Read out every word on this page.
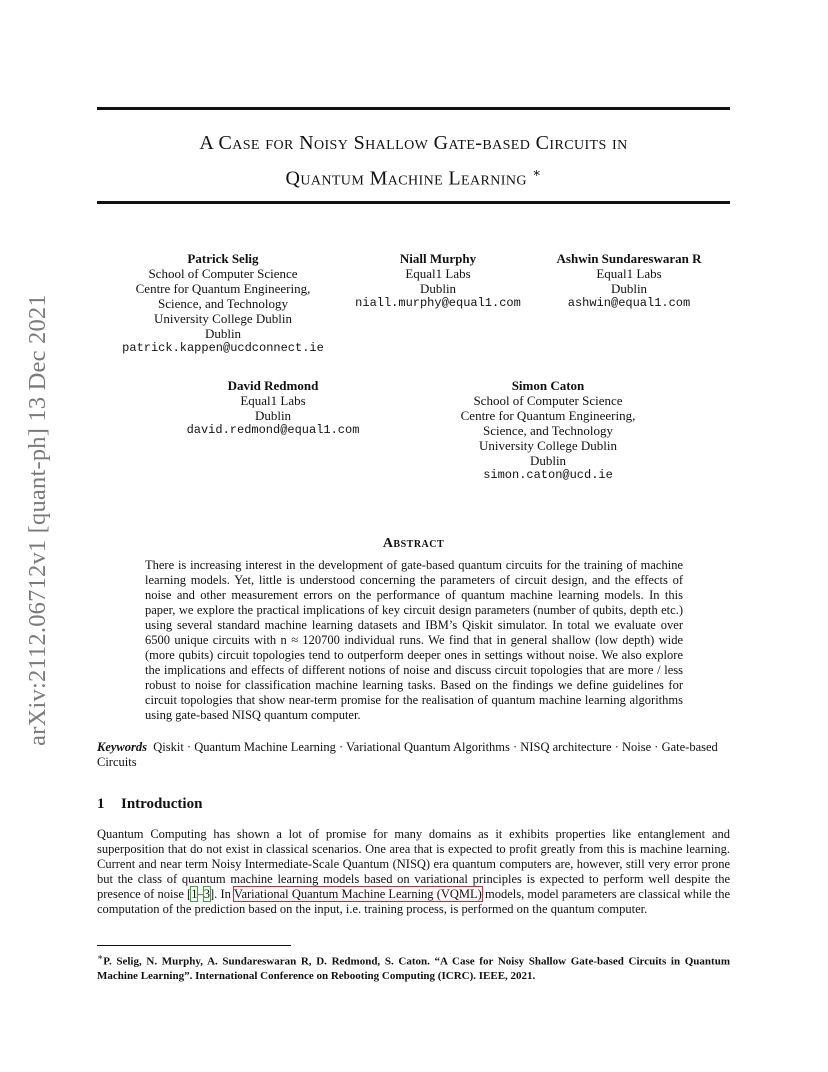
arXiv:2112.06712v1 [quant-ph] 13 Dec 2021
A Case for Noisy Shallow Gate-based Circuits in
Quantum Machine Learning ∗
Patrick Selig
School of Computer Science
Centre for Quantum Engineering,
Science, and Technology
University College Dublin
Dublin
patrick.kappen@ucdconnect.ie
Niall Murphy
Equal1 Labs
Dublin
niall.murphy@equal1.com
Ashwin Sundareswaran R
Equal1 Labs
Dublin
ashwin@equal1.com
David Redmond
Equal1 Labs
Dublin
david.redmond@equal1.com
Simon Caton
School of Computer Science
Centre for Quantum Engineering,
Science, and Technology
University College Dublin
Dublin
simon.caton@ucd.ie
Abstract
There is increasing interest in the development of gate-based quantum circuits for the training of machine learning models. Yet, little is understood concerning the parameters of circuit design, and the effects of noise and other measurement errors on the performance of quantum machine learning models. In this paper, we explore the practical implications of key circuit design parameters (number of qubits, depth etc.) using several standard machine learning datasets and IBM’s Qiskit simulator. In total we evaluate over 6500 unique circuits with n ≈ 120700 individual runs. We find that in general shallow (low depth) wide (more qubits) circuit topologies tend to outperform deeper ones in settings without noise. We also explore the implications and effects of different notions of noise and discuss circuit topologies that are more / less robust to noise for classification machine learning tasks. Based on the findings we define guidelines for circuit topologies that show near-term promise for the realisation of quantum machine learning algorithms using gate-based NISQ quantum computer.
Keywords Qiskit · Quantum Machine Learning · Variational Quantum Algorithms · NISQ architecture · Noise · Gate-based Circuits
1 Introduction
Quantum Computing has shown a lot of promise for many domains as it exhibits properties like entanglement and superposition that do not exist in classical scenarios. One area that is expected to profit greatly from this is machine learning. Current and near term Noisy Intermediate-Scale Quantum (NISQ) era quantum computers are, however, still very error prone but the class of quantum machine learning models based on variational principles is expected to perform well despite the presence of noise [1–3]. In Variational Quantum Machine Learning (VQML) models, model parameters are classical while the computation of the prediction based on the input, i.e. training process, is performed on the quantum computer.
∗P. Selig, N. Murphy, A. Sundareswaran R, D. Redmond, S. Caton. “A Case for Noisy Shallow Gate-based Circuits in Quantum Machine Learning”. International Conference on Rebooting Computing (ICRC). IEEE, 2021.
